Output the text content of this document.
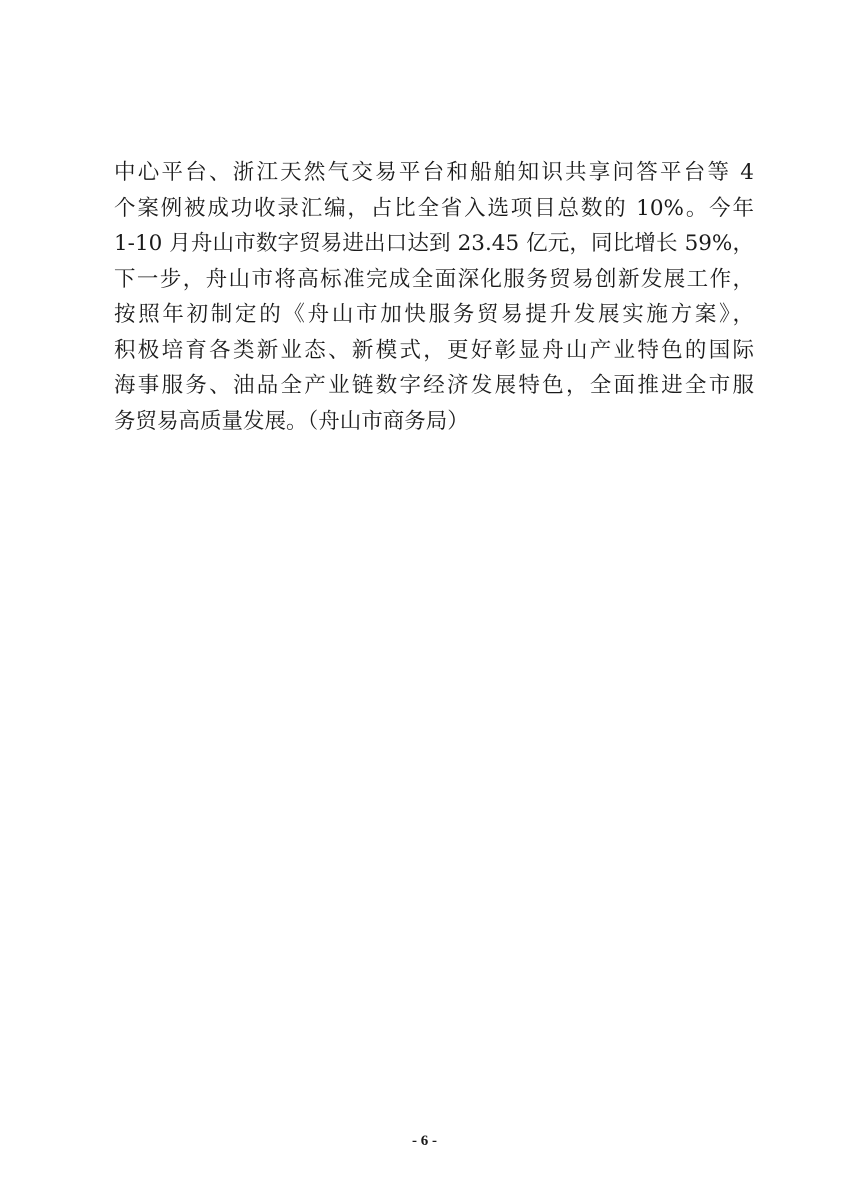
中心平台、浙江天然气交易平台和船舶知识共享问答平台等 4
个案例被成功收录汇编，占比全省入选项目总数的 10%。今年
1-10 月舟山市数字贸易进出口达到 23.45 亿元，同比增长 59%，
下一步，舟山市将高标准完成全面深化服务贸易创新发展工作，
按照年初制定的《舟山市加快服务贸易提升发展实施方案》，
积极培育各类新业态、新模式，更好彰显舟山产业特色的国际
海事服务、油品全产业链数字经济发展特色，全面推进全市服
务贸易高质量发展。（舟山市商务局）
- 6 -
